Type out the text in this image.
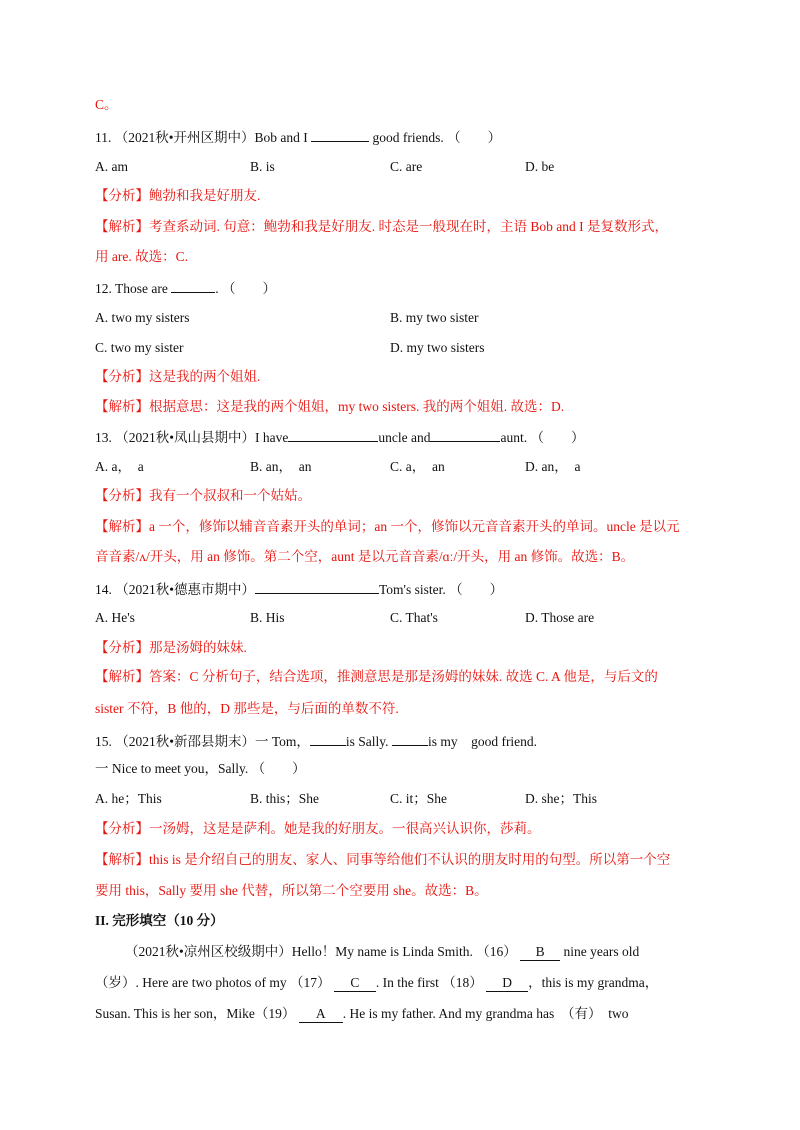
C。
11. （2021秋•开州区期中）Bob and I	good friends. （　　）
A. am	B. is	C. are	D. be
【分析】鲍勃和我是好朋友.
【解析】考查系动词. 句意：鲍勃和我是好朋友. 时态是一般现在时，主语 Bob and I 是复数形式，
用 are. 故选：C.
12. Those are	. （　　）
A. two my sisters	B. my two sister
C. two my sister	D. my two sisters
【分析】这是我的两个姐姐.
【解析】根据意思：这是我的两个姐姐，my two sisters. 我的两个姐姐. 故选：D.
13. （2021秋•凤山县期中）I have	uncle and	aunt. （　　）
A. a，　a	B. an，　an	C. a，　an	D. an，　a
【分析】我有一个叔叔和一个姑姑。
【解析】a 一个，修饰以辅音音素开头的单词；an 一个，修饰以元音音素开头的单词。uncle 是以元
音音素/ʌ/开头，用 an 修饰。第二个空，aunt 是以元音音素/ɑː/开头，用 an 修饰。故选：B。
14. （2021秋•德惠市期中）	Tom's sister. （　　）
A. He's	B. His	C. That's	D. Those are
【分析】那是汤姆的妹妹.
【解析】答案：C 分析句子，结合选项，推测意思是那是汤姆的妹妹. 故选 C. A 他是，与后文的
sister 不符，B 他的，D 那些是，与后面的单数不符.
15. （2021秋•新邵县期末）一 Tom，	is Sally.	is my　good friend.
一 Nice to meet you，Sally. （　　）
A. he；This	B. this；She	C. it；She	D. she；This
【分析】一汤姆，这是是萨利。她是我的好朋友。一很高兴认识你，莎莉。
【解析】this is 是介绍自己的朋友、家人、同事等给他们不认识的朋友时用的句型。所以第一个空
要用 this，Sally 要用 she 代替，所以第二个空要用 she。故选：B。
II. 完形填空（10 分）
（2021秋•凉州区校级期中）Hello！My name is Linda Smith. （16） B nine years old
（岁）. Here are two photos of my （17） C . In the first （18） D ，this is my grandma，
Susan. This is her son，Mike（19） A . He is my father. And my grandma has　（有）　two
